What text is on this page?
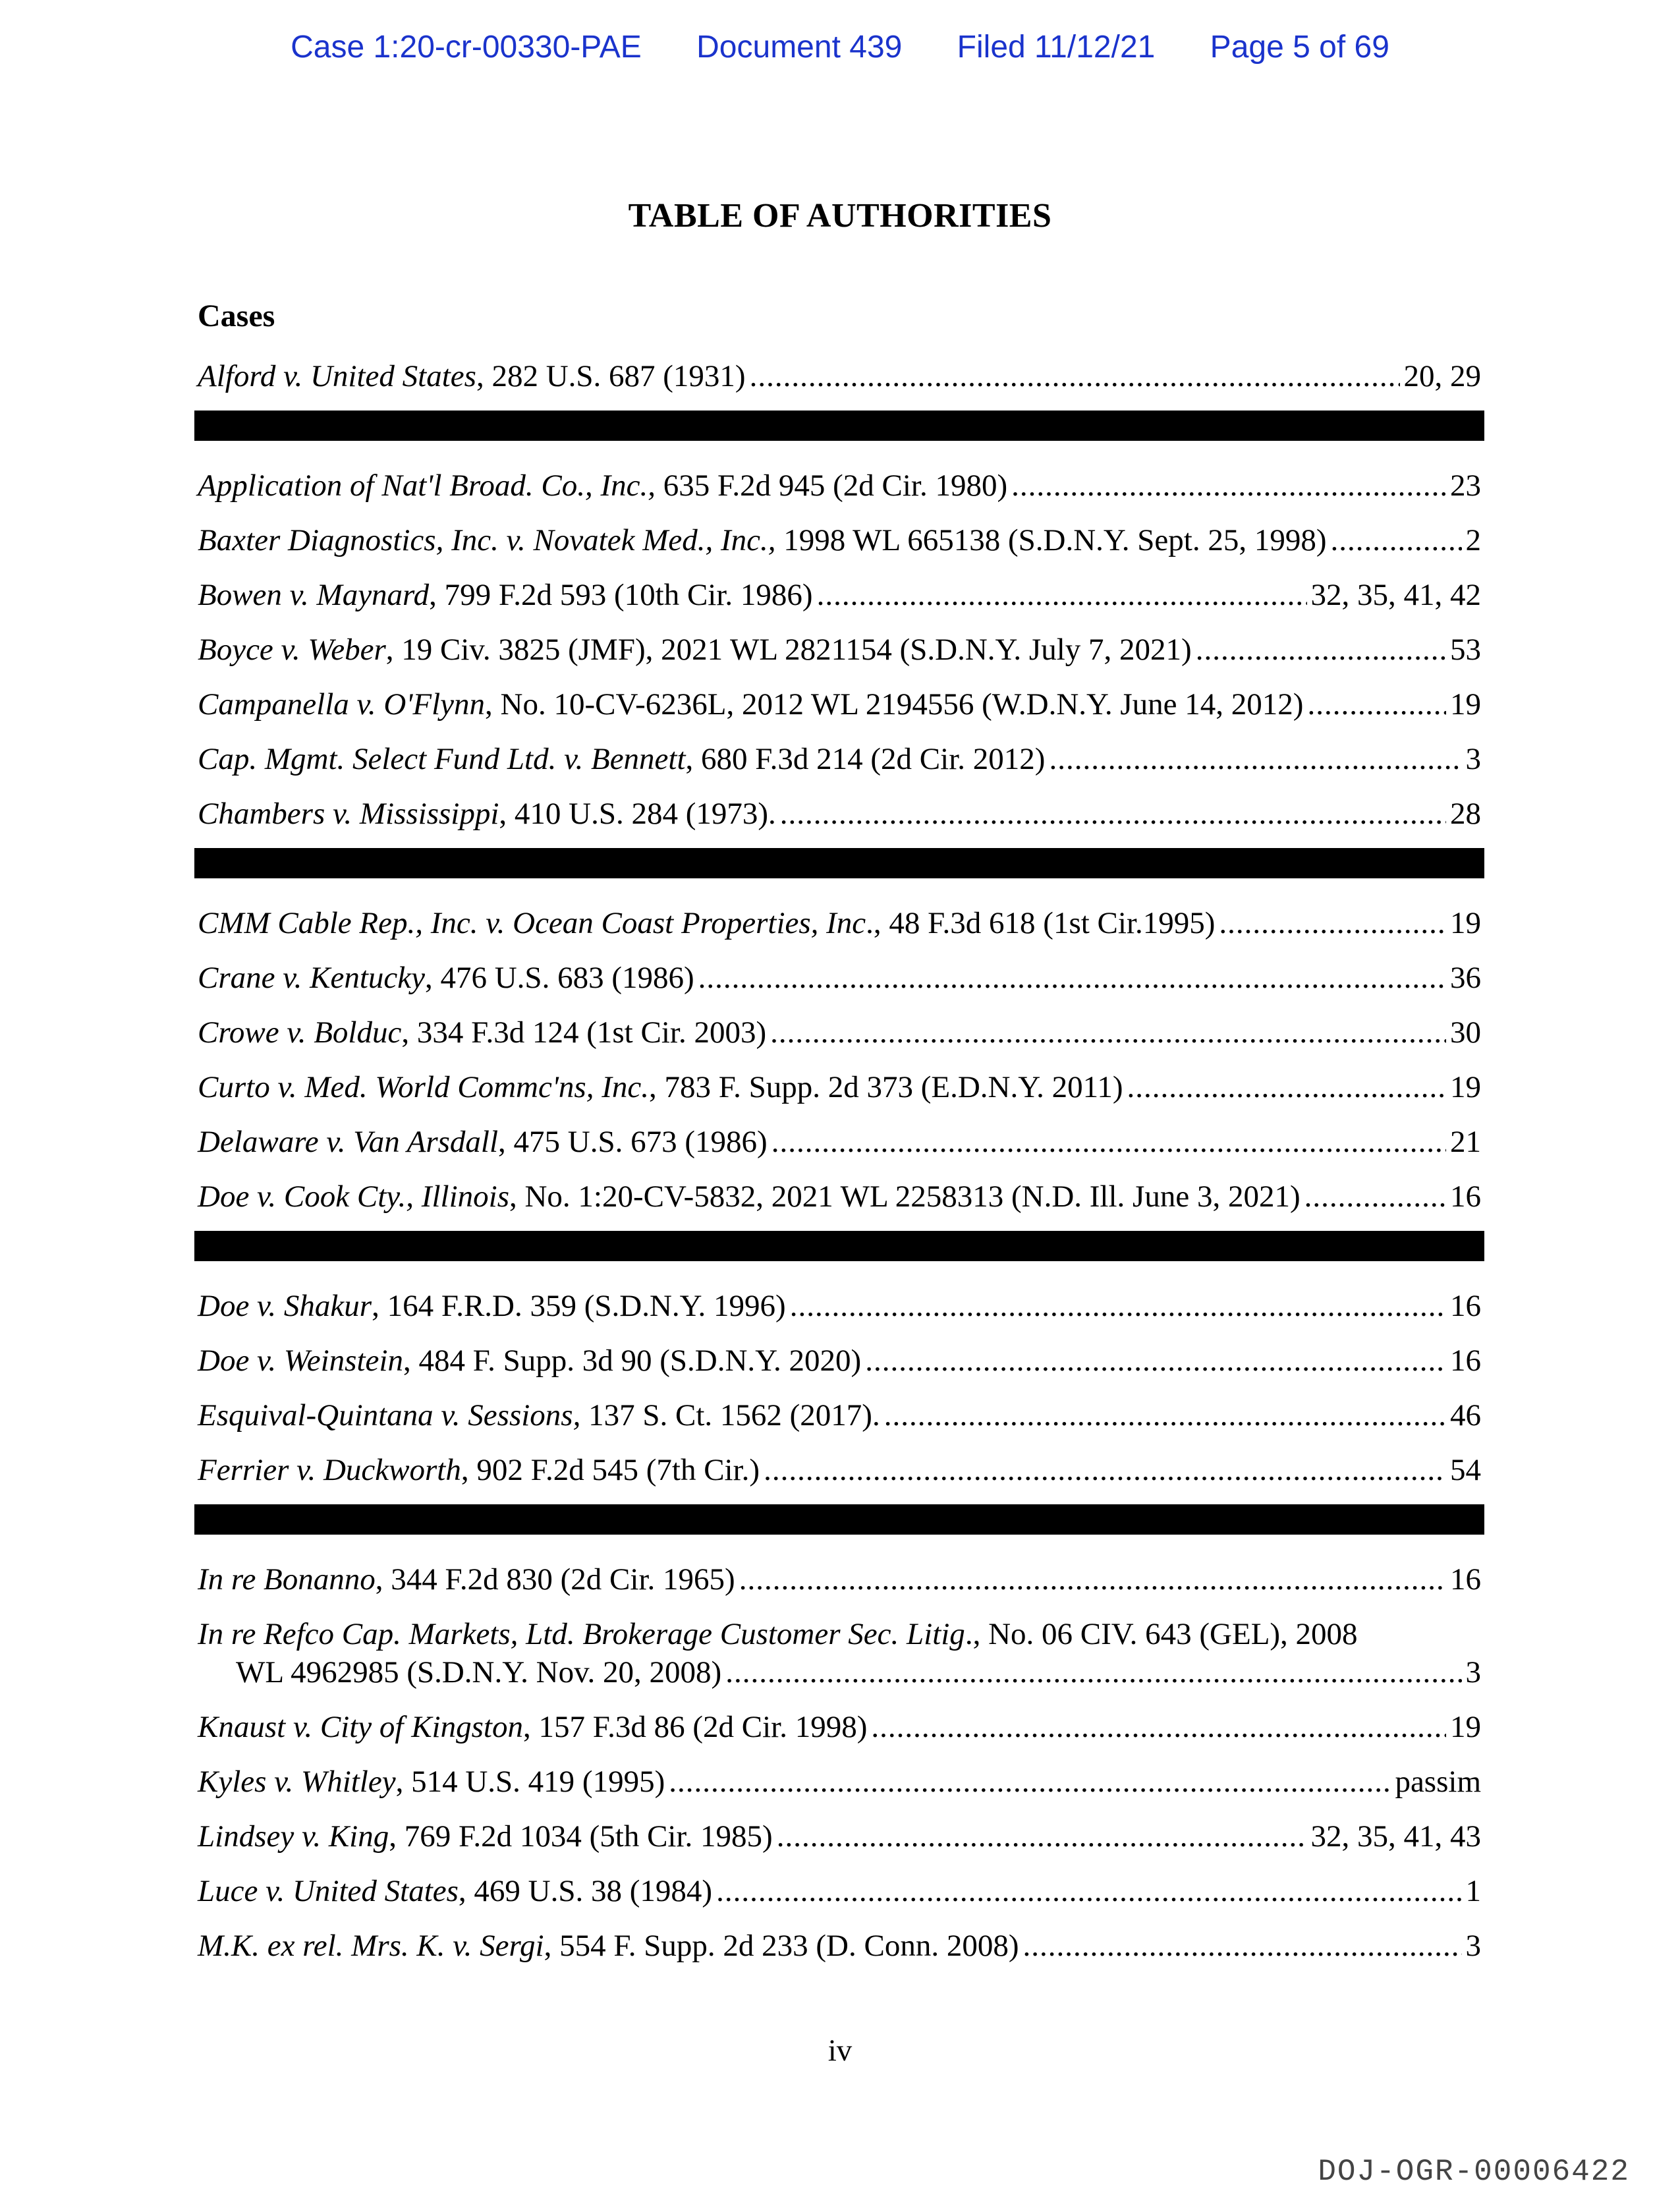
Case 1:20-cr-00330-PAE Document 439 Filed 11/12/21 Page 5 of 69
TABLE OF AUTHORITIES
Cases
Alford v. United States, 282 U.S. 687 (1931) .....	20, 29
Application of Nat'l Broad. Co., Inc., 635 F.2d 945 (2d Cir. 1980) .....	23
Baxter Diagnostics, Inc. v. Novatek Med., Inc., 1998 WL 665138 (S.D.N.Y. Sept. 25, 1998) .....	2
Bowen v. Maynard, 799 F.2d 593 (10th Cir. 1986) .....	32, 35, 41, 42
Boyce v. Weber, 19 Civ. 3825 (JMF), 2021 WL 2821154 (S.D.N.Y. July 7, 2021) .....	53
Campanella v. O'Flynn, No. 10-CV-6236L, 2012 WL 2194556 (W.D.N.Y. June 14, 2012) .....	19
Cap. Mgmt. Select Fund Ltd. v. Bennett, 680 F.3d 214 (2d Cir. 2012) .....	3
Chambers v. Mississippi, 410 U.S. 284 (1973). .....	28
CMM Cable Rep., Inc. v. Ocean Coast Properties, Inc., 48 F.3d 618 (1st Cir.1995) .....	19
Crane v. Kentucky, 476 U.S. 683 (1986) .....	36
Crowe v. Bolduc, 334 F.3d 124 (1st Cir. 2003) .....	30
Curto v. Med. World Commc'ns, Inc., 783 F. Supp. 2d 373 (E.D.N.Y. 2011) .....	19
Delaware v. Van Arsdall, 475 U.S. 673 (1986) .....	21
Doe v. Cook Cty., Illinois, No. 1:20-CV-5832, 2021 WL 2258313 (N.D. Ill. June 3, 2021) .....	16
Doe v. Shakur, 164 F.R.D. 359 (S.D.N.Y. 1996) .....	16
Doe v. Weinstein, 484 F. Supp. 3d 90 (S.D.N.Y. 2020) .....	16
Esquival-Quintana v. Sessions, 137 S. Ct. 1562 (2017). .....	46
Ferrier v. Duckworth, 902 F.2d 545 (7th Cir.) .....	54
In re Bonanno, 344 F.2d 830 (2d Cir. 1965) .....	16
In re Refco Cap. Markets, Ltd. Brokerage Customer Sec. Litig., No. 06 CIV. 643 (GEL), 2008
WL 4962985 (S.D.N.Y. Nov. 20, 2008) .....	3
Knaust v. City of Kingston, 157 F.3d 86 (2d Cir. 1998) .....	19
Kyles v. Whitley, 514 U.S. 419 (1995) .....	passim
Lindsey v. King, 769 F.2d 1034 (5th Cir. 1985) .....	32, 35, 41, 43
Luce v. United States, 469 U.S. 38 (1984) .....	1
M.K. ex rel. Mrs. K. v. Sergi, 554 F. Supp. 2d 233 (D. Conn. 2008) .....	3
iv
DOJ-OGR-00006422
